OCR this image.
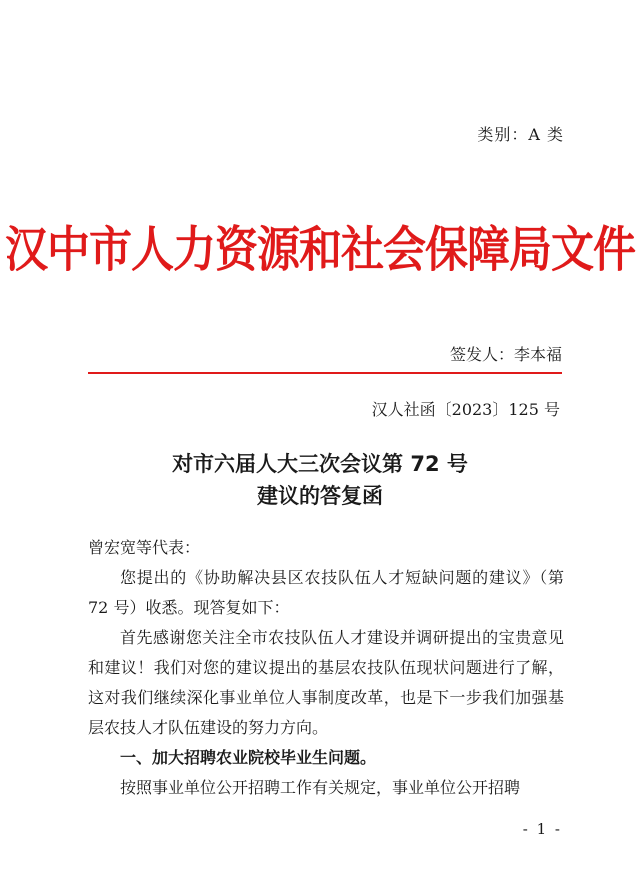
类别：A 类
汉中市人力资源和社会保障局文件
签发人：李本福
汉人社函〔2023〕125 号
对市六届人大三次会议第 72 号
建议的答复函

曾宏宽等代表：

您提出的《协助解决县区农技队伍人才短缺问题的建议》（第72 号）收悉。现答复如下：

首先感谢您关注全市农技队伍人才建设并调研提出的宝贵意见和建议！我们对您的建议提出的基层农技队伍现状问题进行了解，这对我们继续深化事业单位人事制度改革，也是下一步我们加强基层农技人才队伍建设的努力方向。

一、加大招聘农业院校毕业生问题。

按照事业单位公开招聘工作有关规定，事业单位公开招聘

- 1 -
